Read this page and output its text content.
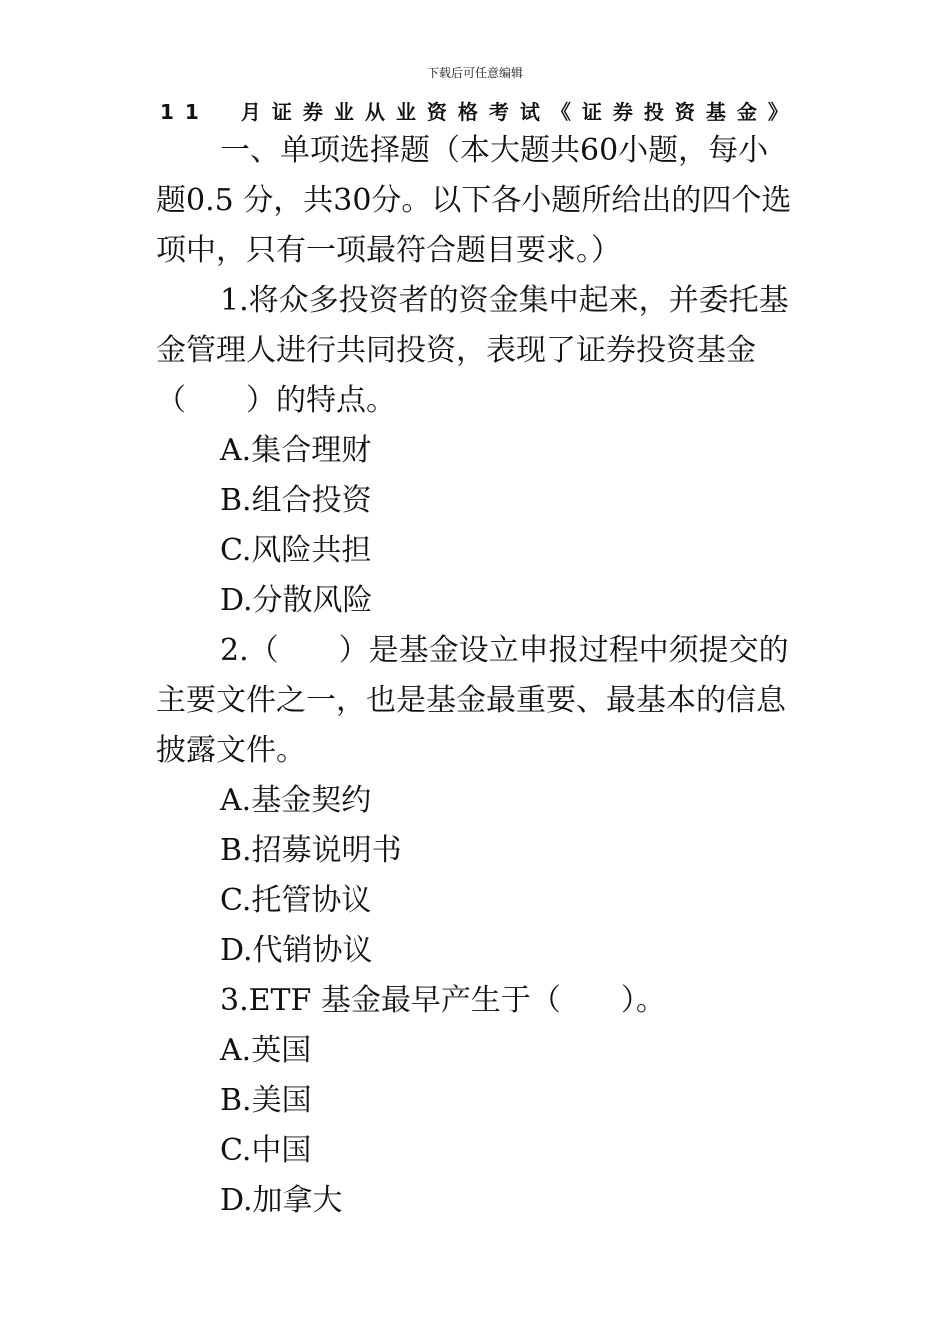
下载后可任意编辑
11　月证券业从业资格考试《证券投资基金》

一、单项选择题（本大题共60小题，每小题0.5 分，共30分。以下各小题所给出的四个选项中，只有一项最符合题目要求。）

1.将众多投资者的资金集中起来，并委托基金管理人进行共同投资，表现了证券投资基金（　　）的特点。

A.集合理财

B.组合投资

C.风险共担

D.分散风险

2.（　　）是基金设立申报过程中须提交的主要文件之一，也是基金最重要、最基本的信息披露文件。

A.基金契约

B.招募说明书

C.托管协议

D.代销协议

3.ETF 基金最早产生于（　　）。

A.英国

B.美国

C.中国

D.加拿大
